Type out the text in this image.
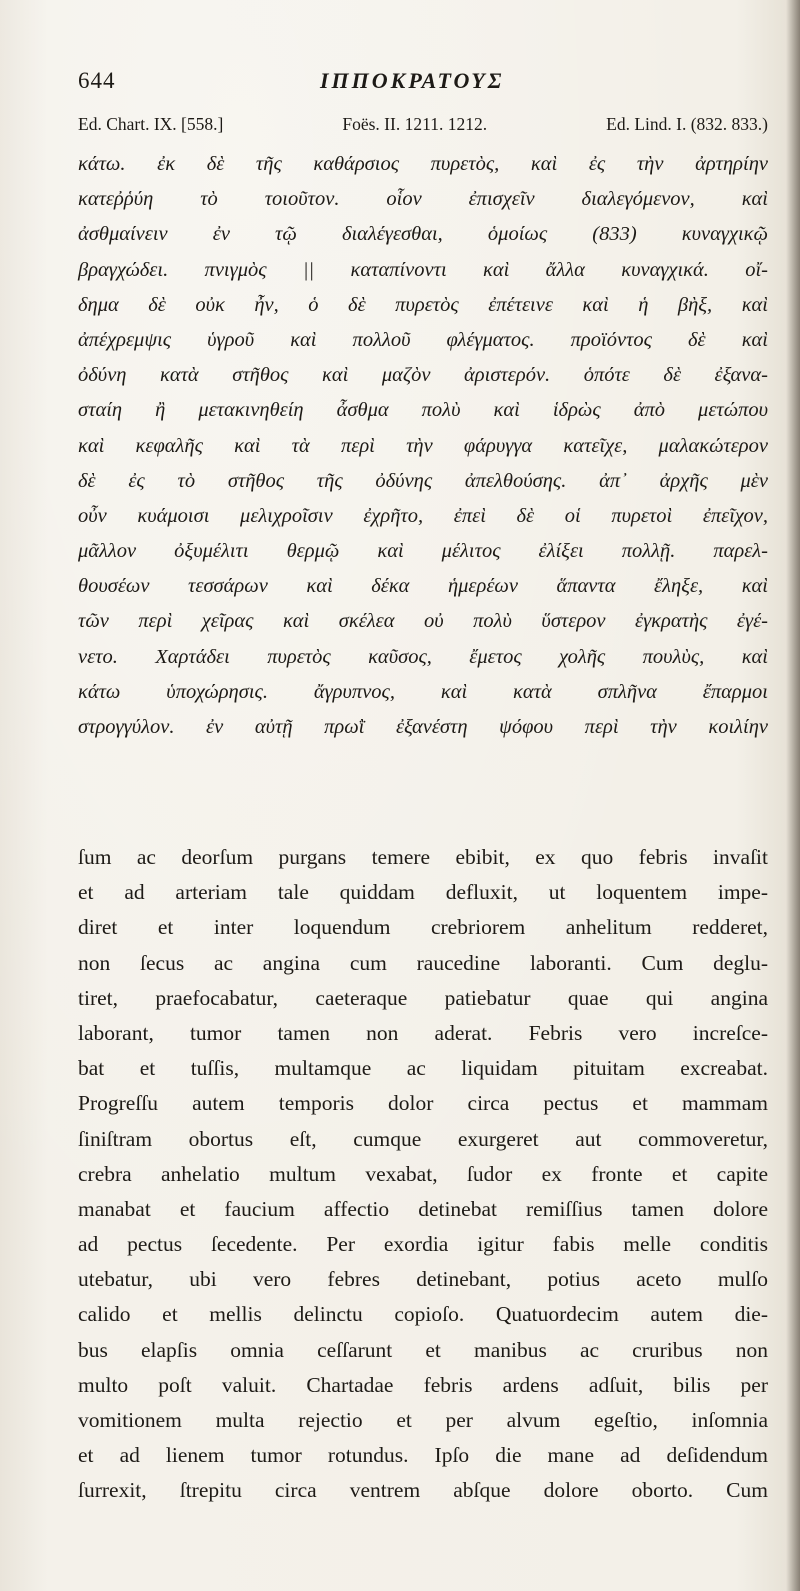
644	ΙΠΠΟΚΡΑΤΟΥΣ
Ed. Chart. IX. [558.]	Foës. II. 1211. 1212.	Ed. Lind. I. (832. 833.)
κάτω. ἐκ δὲ τῆς καθάρσιος πυρετὸς, καὶ ἐς τὴν ἀρτηρίην
κατεῤῥύη τὸ τοιοῦτον. οἷον ἐπισχεῖν διαλεγόμενον, καὶ
ἀσθμαίνειν ἐν τῷ διαλέγεσθαι, ὁμοίως (833) κυναγχικῷ
βραγχώδει. πνιγμὸς || καταπίνοντι καὶ ἄλλα κυναγχικά. οἴ-
δημα δὲ οὐκ ἦν, ὁ δὲ πυρετὸς ἐπέτεινε καὶ ἡ βὴξ, καὶ
ἀπέχρεμψις ὑγροῦ καὶ πολλοῦ φλέγματος. προϊόντος δὲ καὶ
ὀδύνη κατὰ στῆθος καὶ μαζὸν ἀριστερόν. ὁπότε δὲ ἐξανα-
σταίη ἢ μετακινηθείη ἆσθμα πολὺ καὶ ἱδρὼς ἀπὸ μετώπου
καὶ κεφαλῆς καὶ τὰ περὶ τὴν φάρυγγα κατεῖχε, μαλακώτερον
δὲ ἐς τὸ στῆθος τῆς ὀδύνης ἀπελθούσης. ἀπ᾽ ἀρχῆς μὲν
οὖν κυάμοισι μελιχροῖσιν ἐχρῆτο, ἐπεὶ δὲ οἱ πυρετοὶ ἐπεῖχον,
μᾶλλον ὀξυμέλιτι θερμῷ καὶ μέλιτος ἐλίξει πολλῇ. παρελ-
θουσέων τεσσάρων καὶ δέκα ἡμερέων ἅπαντα ἔληξε, καὶ
τῶν περὶ χεῖρας καὶ σκέλεα οὐ πολὺ ὕστερον ἐγκρατὴς ἐγέ-
νετο. Χαρτάδει πυρετὸς καῦσος, ἔμετος χολῆς πουλὺς, καὶ
κάτω ὑποχώρησις. ἄγρυπνος, καὶ κατὰ σπλῆνα ἔπαρμοι
στρογγύλον. ἐν αὐτῇ πρωῒ ἐξανέστη ψόφου περὶ τὴν κοιλίην
ſum ac deorſum purgans temere ebibit, ex quo febris invaſit
et ad arteriam tale quiddam defluxit, ut loquentem impe-
diret et inter loquendum crebriorem anhelitum redderet,
non ſecus ac angina cum raucedine laboranti. Cum deglu-
tiret, praefocabatur, caeteraque patiebatur quae qui angina
laborant, tumor tamen non aderat. Febris vero increſce-
bat et tuſſis, multamque ac liquidam pituitam excreabat.
Progreſſu autem temporis dolor circa pectus et mammam
ſiniſtram obortus eſt, cumque exurgeret aut commoveretur,
crebra anhelatio multum vexabat, ſudor ex fronte et capite
manabat et faucium affectio detinebat remiſſius tamen dolore
ad pectus ſecedente. Per exordia igitur fabis melle conditis
utebatur, ubi vero febres detinebant, potius aceto mulſo
calido et mellis delinctu copioſo. Quatuordecim autem die-
bus elapſis omnia ceſſarunt et manibus ac cruribus non
multo poſt valuit. Chartadae febris ardens adſuit, bilis per
vomitionem multa rejectio et per alvum egeſtio, inſomnia
et ad lienem tumor rotundus. Ipſo die mane ad deſidendum
ſurrexit, ſtrepitu circa ventrem abſque dolore oborto. Cum
